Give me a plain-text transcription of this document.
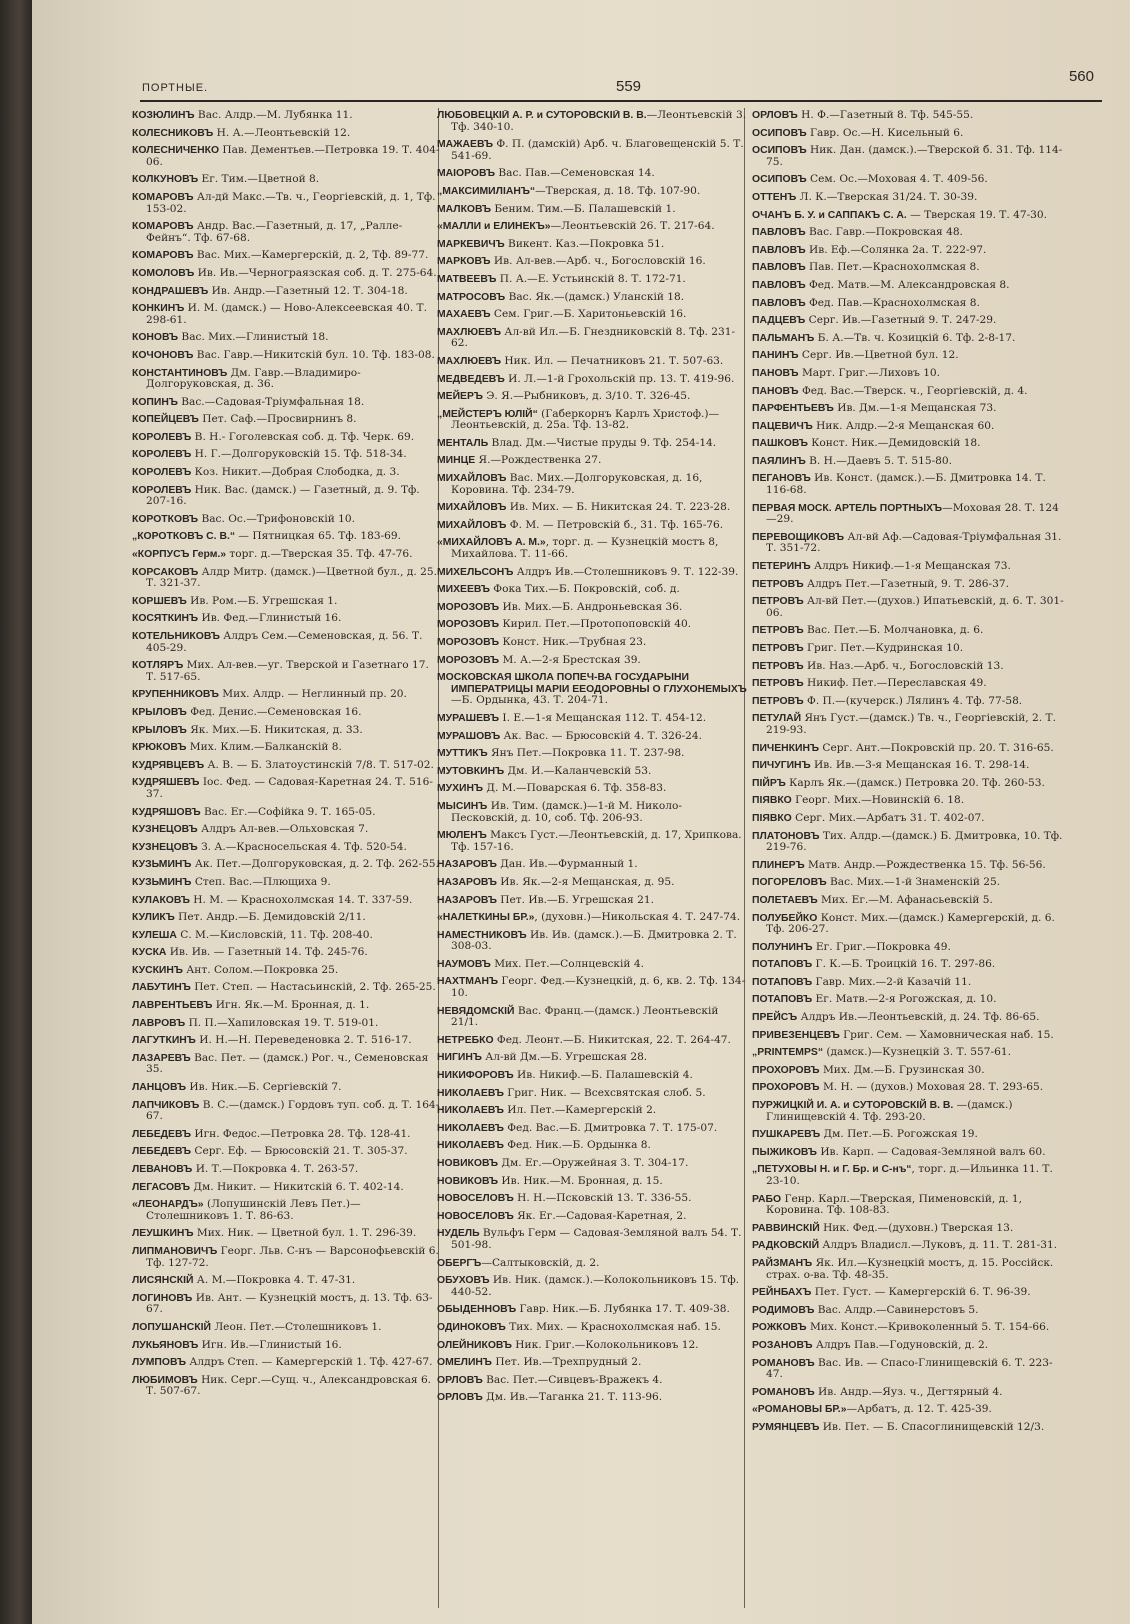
ПОРТНЫЕ.	559
560
КОЗЮЛИНЪ Вас. Алдр.—М. Лубянка 11.
КОЛЕСНИКОВЪ Н. А.—Леонтьевскій 12.
КОЛЕСНИЧЕНКО Пав. Дементьев.—Петровка 19. Т. 404-06.
КОЛКУНОВЪ Ег. Тим.—Цветной 8.
КОМАРОВЪ Ал-дй Макс.—Тв. ч., Георгіевскій, д. 1, Тф. 153-02.
КОМАРОВЪ Андр. Вас.—Газетный, д. 17, „Ралле-Фейнъ“. Тф. 67-68.
КОМАРОВЪ Вас. Мих.—Камергерскій, д. 2, Тф. 89-77.
КОМОЛОВЪ Ив. Ив.—Чернограязская соб. д. Т. 275-64.
КОНДРАШЕВЪ Ив. Андр.—Газетный 12. Т. 304-18.
КОНКИНЪ И. М. (дамск.) — Ново-Алексеевская 40. Т. 298-61.
КОНОВЪ Вас. Мих.—Глинистый 18.
КОЧОНОВЪ Вас. Гавр.—Никитскій бул. 10. Тф. 183-08.
КОНСТАНТИНОВЪ Дм. Гавр.—Владимиро-Долгоруковская, д. 36.
КОПИНЪ Вас.—Садовая-Тріумфальная 18.
КОПЕЙЦЕВЪ Пет. Саф.—Просвирнинъ 8.
КОРОЛЕВЪ В. Н.- Гоголевская соб. д. Тф. Черк. 69.
КОРОЛЕВЪ Н. Г.—Долгоруковскій 15. Тф. 518-34.
КОРОЛЕВЪ Коз. Никит.—Добрая Слободка, д. 3.
КОРОЛЕВЪ Ник. Вас. (дамск.) — Газетный, д. 9. Тф. 207-16.
КОРОТКОВЪ Вас. Ос.—Трифоновскій 10.
„КОРОТКОВЪ С. В.“ — Пятницкая 65. Тф. 183-69.
«КОРПУСЪ Герм.» торг. д.—Тверская 35. Тф. 47-76.
КОРСАКОВЪ Алдр Митр. (дамск.)—Цветной бул., д. 25. Т. 321-37.
КОРШЕВЪ Ив. Ром.—Б. Угрешская 1.
КОСЯТКИНЪ Ив. Фед.—Глинистый 16.
КОТЕЛЬНИКОВЪ Алдръ Сем.—Семеновская, д. 56. Т. 405-29.
КОТЛЯРЪ Мих. Ал-вев.—уг. Тверской и Газетнаго 17. Т. 517-65.
КРУПЕННИКОВЪ Мих. Алдр. — Неглинный пр. 20.
КРЫЛОВЪ Фед. Денис.—Семеновская 16.
КРЫЛОВЪ Як. Мих.—Б. Никитская, д. 33.
КРЮКОВЪ Мих. Клим.—Балканскій 8.
КУДРЯВЦЕВЪ А. В. — Б. Златоустинскій 7/8. Т. 517-02.
КУДРЯШЕВЪ Іос. Фед. — Садовая-Каретная 24. Т. 516-37.
КУДРЯШОВЪ Вас. Ег.—Софійка 9. Т. 165-05.
КУЗНЕЦОВЪ Алдръ Ал-вев.—Ольховская 7.
КУЗНЕЦОВЪ З. А.—Красносельская 4. Тф. 520-54.
КУЗЬМИНЪ Ак. Пет.—Долгоруковская, д. 2. Тф. 262-55.
КУЗЬМИНЪ Степ. Вас.—Плющиха 9.
КУЛАКОВЪ Н. М. — Краснохолмская 14. Т. 337-59.
КУЛИКЪ Пет. Андр.—Б. Демидовскій 2/11.
КУЛЕША С. М.—Кисловскій, 11. Тф. 208-40.
КУСКА Ив. Ив. — Газетный 14. Тф. 245-76.
КУСКИНЪ Ант. Солом.—Покровка 25.
ЛАБУТИНЪ Пет. Степ. — Настасьинскій, 2. Тф. 265-25.
ЛАВРЕНТЬЕВЪ Игн. Як.—М. Бронная, д. 1.
ЛАВРОВЪ П. П.—Хапиловская 19. Т. 519-01.
ЛАГУТКИНЪ И. Н.—Н. Переведеновка 2. Т. 516-17.
ЛАЗАРЕВЪ Вас. Пет. — (дамск.) Рог. ч., Семеновская 35.
ЛАНЦОВЪ Ив. Ник.—Б. Сергіевскій 7.
ЛАПЧИКОВЪ В. С.—(дамск.) Гордовъ туп. соб. д. Т. 164-67.
ЛЕБЕДЕВЪ Игн. Федос.—Петровка 28. Тф. 128-41.
ЛЕБЕДЕВЪ Серг. Еф. — Брюсовскій 21. Т. 305-37.
ЛЕВАНОВЪ И. Т.—Покровка 4. Т. 263-57.
ЛЕГАСОВЪ Дм. Никит. — Никитскій 6. Т. 402-14.
«ЛЕОНАРДЪ» (Лопушинскій Левъ Пет.)—Столешниковъ 1. Т. 86-63.
ЛЕУШКИНЪ Мих. Ник. — Цветной бул. 1. Т. 296-39.
ЛИПМАНОВИЧЪ Георг. Льв. С-нъ — Варсонофьевскій 6. Тф. 127-72.
ЛИСЯНСКІЙ А. М.—Покровка 4. Т. 47-31.
ЛОГИНОВЪ Ив. Ант. — Кузнецкій мостъ, д. 13. Тф. 63-67.
ЛОПУШАНСКІЙ Леон. Пет.—Столешниковъ 1.
ЛУКЬЯНОВЪ Игн. Ив.—Глинистый 16.
ЛУМПОВЪ Алдръ Степ. — Камергерскій 1. Тф. 427-67.
ЛЮБИМОВЪ Ник. Серг.—Сущ. ч., Александровская 6. Т. 507-67.
ЛЮБОВЕЦКІЙ А. Р. и СУТОРОВСКІЙ В. В.—Леонтьевскій 3. Тф. 340-10.
МАЖАЕВЪ Ф. П. (дамскій) Арб. ч. Благовещенскій 5. Т. 541-69.
МАІОРОВЪ Вас. Пав.—Семеновская 14.
„МАКСИМИЛІАНЪ“—Тверская, д. 18. Тф. 107-90.
МАЛКОВЪ Беним. Тим.—Б. Палашевскій 1.
«МАЛЛИ и ЕЛИНЕКЪ»—Леонтьевскій 26. Т. 217-64.
МАРКЕВИЧЪ Викент. Каз.—Покровка 51.
МАРКОВЪ Ив. Ал-вев.—Арб. ч., Богословскій 16.
МАТВЕЕВЪ П. А.—Е. Устьинскій 8. Т. 172-71.
МАТРОСОВЪ Вас. Як.—(дамск.) Уланскій 18.
МАХАЕВЪ Сем. Григ.—Б. Харитоньевскій 16.
МАХЛЮЕВЪ Ал-вй Ил.—Б. Гнездниковскій 8. Тф. 231-62.
МАХЛЮЕВЪ Ник. Ил. — Печатниковъ 21. Т. 507-63.
МЕДВЕДЕВЪ И. Л.—1-й Грохольскій пр. 13. Т. 419-96.
МЕЙЕРЪ Э. Я.—Рыбниковъ, д. 3/10. Т. 326-45.
„МЕЙСТЕРЪ ЮЛІЙ“ (Габеркорнъ Карлъ Христоф.)—Леонтьевскій, д. 25а. Тф. 13-82.
МЕНТАЛЬ Влад. Дм.—Чистые пруды 9. Тф. 254-14.
МИНЦЕ Я.—Рождественка 27.
МИХАЙЛОВЪ Вас. Мих.—Долгоруковская, д. 16, Коровина. Тф. 234-79.
МИХАЙЛОВЪ Ив. Мих. — Б. Никитская 24. Т. 223-28.
МИХАЙЛОВЪ Ф. М. — Петровскій б., 31. Тф. 165-76.
«МИХАЙЛОВЪ А. М.», торг. д. — Кузнецкій мостъ 8, Михайлова. Т. 11-66.
МИХЕЛЬСОНЪ Алдръ Ив.—Столешниковъ 9. Т. 122-39.
МИХЕЕВЪ Фока Тих.—Б. Покровскій, соб. д.
МОРОЗОВЪ Ив. Мих.—Б. Андроньевская 36.
МОРОЗОВЪ Кирил. Пет.—Протопоповскій 40.
МОРОЗОВЪ Конст. Ник.—Трубная 23.
МОРОЗОВЪ М. А.—2-я Брестская 39.
МОСКОВСКАЯ ШКОЛА ПОПЕЧ-ВА ГОСУДАРЫНИ ИМПЕРАТРИЦЫ МАРІИ ЕЕОДОРОВНЫ О ГЛУХОНЕМЫХЪ—Б. Ордынка, 43. Т. 204-71.
МУРАШЕВЪ І. Е.—1-я Мещанская 112. Т. 454-12.
МУРАШОВЪ Ак. Вас. — Брюсовскій 4. Т. 326-24.
МУТТИКЪ Янъ Пет.—Покровка 11. Т. 237-98.
МУТОВКИНЪ Дм. И.—Каланчевскій 53.
МУХИНЪ Д. М.—Поварская 6. Тф. 358-83.
МЫСИНЪ Ив. Тим. (дамск.)—1-й М. Николо-Песковскій, д. 10, соб. Тф. 206-93.
МЮЛЕНЪ Максъ Густ.—Леонтьевскій, д. 17, Хрипкова. Тф. 157-16.
НАЗАРОВЪ Дан. Ив.—Фурманный 1.
НАЗАРОВЪ Ив. Як.—2-я Мещанская, д. 95.
НАЗАРОВЪ Пет. Ив.—Б. Угрешская 21.
«НАЛЕТКИНЫ БР.», (духовн.)—Никольская 4. Т. 247-74.
НАМЕСТНИКОВЪ Ив. Ив. (дамск.).—Б. Дмитровка 2. Т. 308-03.
НАУМОВЪ Мих. Пет.—Солнцевскій 4.
НАХТМАНЪ Георг. Фед.—Кузнецкій, д. 6, кв. 2. Тф. 134-10.
НЕВЯДОМСКІЙ Вас. Франц.—(дамск.) Леонтьевскій 21/1.
НЕТРЕБКО Фед. Леонт.—Б. Никитская, 22. Т. 264-47.
НИГИНЪ Ал-вй Дм.—Б. Угрешская 28.
НИКИФОРОВЪ Ив. Никиф.—Б. Палашевскій 4.
НИКОЛАЕВЪ Григ. Ник. — Всехсвятская слоб. 5.
НИКОЛАЕВЪ Ил. Пет.—Камергерскій 2.
НИКОЛАЕВЪ Фед. Вас.—Б. Дмитровка 7. Т. 175-07.
НИКОЛАЕВЪ Фед. Ник.—Б. Ордынка 8.
НОВИКОВЪ Дм. Ег.—Оружейная 3. Т. 304-17.
НОВИКОВЪ Ив. Ник.—М. Бронная, д. 15.
НОВОСЕЛОВЪ Н. Н.—Псковскій 13. Т. 336-55.
НОВОСЕЛОВЪ Як. Ег.—Садовая-Каретная, 2.
НУДЕЛЬ Вульфъ Герм — Садовая-Земляной валъ 54. Т. 501-98.
ОБЕРГЪ—Салтыковскій, д. 2.
ОБУХОВЪ Ив. Ник. (дамск.).—Колокольниковъ 15. Тф. 440-52.
ОБЫДЕННОВЪ Гавр. Ник.—Б. Лубянка 17. Т. 409-38.
ОДИНОКОВЪ Тих. Мих. — Краснохолмская наб. 15.
ОЛЕЙНИКОВЪ Ник. Григ.—Колокольниковъ 12.
ОМЕЛИНЪ Пет. Ив.—Трехпрудный 2.
ОРЛОВЪ Вас. Пет.—Сивцевъ-Вражекъ 4.
ОРЛОВЪ Дм. Ив.—Таганка 21. Т. 113-96.
ОРЛОВЪ Н. Ф.—Газетный 8. Тф. 545-55.
ОСИПОВЪ Гавр. Ос.—Н. Кисельный 6.
ОСИПОВЪ Ник. Дан. (дамск.).—Тверской б. 31. Тф. 114-75.
ОСИПОВЪ Сем. Ос.—Моховая 4. Т. 409-56.
ОТТЕНЪ Л. К.—Тверская 31/24. Т. 30-39.
ОЧАНЪ Б. У. и САППАКЪ С. А. — Тверская 19. Т. 47-30.
ПАВЛОВЪ Вас. Гавр.—Покровская 48.
ПАВЛОВЪ Ив. Еф.—Солянка 2а. Т. 222-97.
ПАВЛОВЪ Пав. Пет.—Краснохолмская 8.
ПАВЛОВЪ Фед. Матв.—М. Александровская 8.
ПАВЛОВЪ Фед. Пав.—Краснохолмская 8.
ПАДЦЕВЪ Серг. Ив.—Газетный 9. Т. 247-29.
ПАЛЬМАНЪ Б. А.—Тв. ч. Козицкій 6. Тф. 2-8-17.
ПАНИНЪ Серг. Ив.—Цветной бул. 12.
ПАНОВЪ Март. Григ.—Лиховъ 10.
ПАНОВЪ Фед. Вас.—Тверск. ч., Георгіевскій, д. 4.
ПАРФЕНТЬЕВЪ Ив. Дм.—1-я Мещанская 73.
ПАЦЕВИЧЪ Ник. Алдр.—2-я Мещанская 60.
ПАШКОВЪ Конст. Ник.—Демидовскій 18.
ПАЯЛИНЪ В. Н.—Даевъ 5. Т. 515-80.
ПЕГАНОВЪ Ив. Конст. (дамск.).—Б. Дмитровка 14. Т. 116-68.
ПЕРВАЯ МОСК. АРТЕЛЬ ПОРТНЫХЪ—Моховая 28. Т. 124—29.
ПЕРЕВОЩИКОВЪ Ал-вй Аф.—Садовая-Тріумфальная 31. Т. 351-72.
ПЕТЕРИНЪ Алдръ Никиф.—1-я Мещанская 73.
ПЕТРОВЪ Алдръ Пет.—Газетный, 9. Т. 286-37.
ПЕТРОВЪ Ал-вй Пет.—(духов.) Ипатьевскій, д. 6. Т. 301-06.
ПЕТРОВЪ Вас. Пет.—Б. Молчановка, д. 6.
ПЕТРОВЪ Григ. Пет.—Кудринская 10.
ПЕТРОВЪ Ив. Наз.—Арб. ч., Богословскій 13.
ПЕТРОВЪ Никиф. Пет.—Переславская 49.
ПЕТРОВЪ Ф. П.—(кучерск.) Лялинъ 4. Тф. 77-58.
ПЕТУЛАЙ Янъ Густ.—(дамск.) Тв. ч., Георгіевскій, 2. Т. 219-93.
ПИЧЕНКИНЪ Серг. Ант.—Покровскій пр. 20. Т. 316-65.
ПИЧУГИНЪ Ив. Ив.—3-я Мещанская 16. Т. 298-14.
ПІЙРЪ Карлъ Як.—(дамск.) Петровка 20. Тф. 260-53.
ПІЯВКО Георг. Мих.—Новинскій 6. 18.
ПІЯВКО Серг. Мих.—Арбатъ 31. Т. 402-07.
ПЛАТОНОВЪ Тих. Алдр.—(дамск.) Б. Дмитровка, 10. Тф. 219-76.
ПЛИНЕРЪ Матв. Андр.—Рождественка 15. Тф. 56-56.
ПОГОРЕЛОВЪ Вас. Мих.—1-й Знаменскій 25.
ПОЛЕТАЕВЪ Мих. Ег.—М. Афанасьевскій 5.
ПОЛУБЕЙКО Конст. Мих.—(дамск.) Камергерскій, д. 6. Тф. 206-27.
ПОЛУНИНЪ Ег. Григ.—Покровка 49.
ПОТАПОВЪ Г. К.—Б. Троицкій 16. Т. 297-86.
ПОТАПОВЪ Гавр. Мих.—2-й Казачій 11.
ПОТАПОВЪ Ег. Матв.—2-я Рогожская, д. 10.
ПРЕЙСЪ Алдръ Ив.—Леонтьевскій, д. 24. Тф. 86-65.
ПРИВЕЗЕНЦЕВЪ Григ. Сем. — Хамовническая наб. 15.
„PRINTEMPS“ (дамск.)—Кузнецкій 3. Т. 557-61.
ПРОХОРОВЪ Мих. Дм.—Б. Грузинская 30.
ПРОХОРОВЪ М. Н. — (духов.) Моховая 28. Т. 293-65.
ПУРЖИЦКІЙ И. А. и СУТОРОВСКІЙ В. В. —(дамск.) Глинищевскій 4. Тф. 293-20.
ПУШКАРЕВЪ Дм. Пет.—Б. Рогожская 19.
ПЫЖИКОВЪ Ив. Карп. — Садовая-Земляной валъ 60.
„ПЕТУХОВЫ Н. и Г. Бр. и С-нъ“, торг. д.—Ильинка 11. Т. 23-10.
РАБО Генр. Карл.—Тверская, Пименовскій, д. 1, Коровина. Тф. 108-83.
РАВВИНСКІЙ Ник. Фед.—(духовн.) Тверская 13.
РАДКОВСКІЙ Алдръ Владисл.—Луковъ, д. 11. Т. 281-31.
РАЙЗМАНЪ Як. Ил.—Кузнецкій мостъ, д. 15. Россійск. страх. о-ва. Тф. 48-35.
РЕЙНБАХЪ Пет. Густ. — Камергерскій 6. Т. 96-39.
РОДИМОВЪ Вас. Алдр.—Савинерстовъ 5.
РОЖКОВЪ Мих. Конст.—Кривоколенный 5. Т. 154-66.
РОЗАНОВЪ Алдръ Пав.—Годуновскій, д. 2.
РОМАНОВЪ Вас. Ив. — Спасо-Глинищевскій 6. Т. 223-47.
РОМАНОВЪ Ив. Андр.—Яуз. ч., Дегтярный 4.
«РОМАНОВЫ БР.»—Арбатъ, д. 12. Т. 425-39.
РУМЯНЦЕВЪ Ив. Пет. — Б. Спасоглинищевскій 12/3.
